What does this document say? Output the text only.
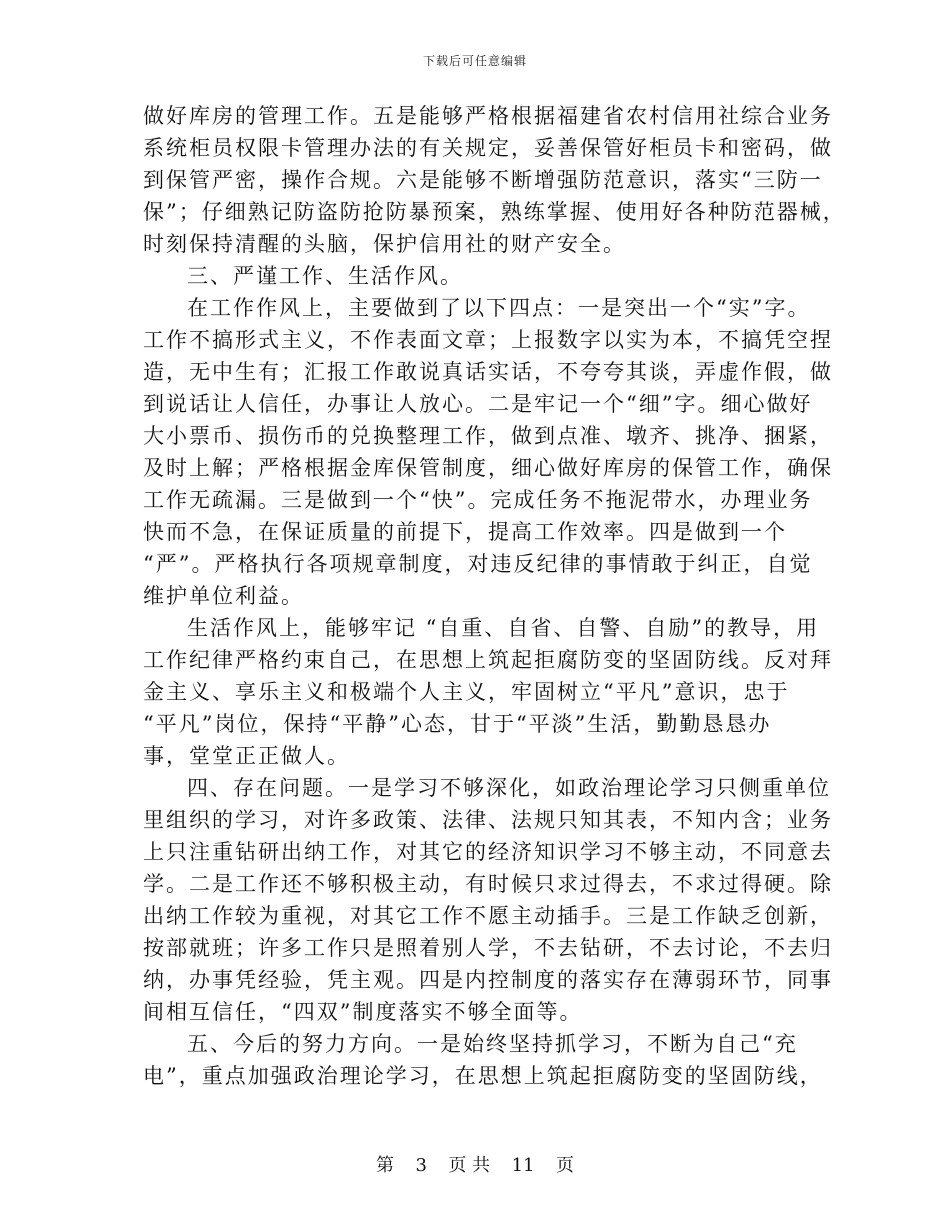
下载后可任意编辑
做好库房的管理工作。五是能够严格根据福建省农村信用社综合业务
系统柜员权限卡管理办法的有关规定，妥善保管好柜员卡和密码，做
到保管严密，操作合规。六是能够不断增强防范意识，落实“三防一
保”；仔细熟记防盗防抢防暴预案，熟练掌握、使用好各种防范器械，
时刻保持清醒的头脑，保护信用社的财产安全。
三、严谨工作、生活作风。
在工作作风上，主要做到了以下四点：一是突出一个“实”字。
工作不搞形式主义，不作表面文章；上报数字以实为本，不搞凭空捏
造，无中生有；汇报工作敢说真话实话，不夸夸其谈，弄虚作假，做
到说话让人信任，办事让人放心。二是牢记一个“细”字。细心做好
大小票币、损伤币的兑换整理工作，做到点准、墩齐、挑净、捆紧，
及时上解；严格根据金库保管制度，细心做好库房的保管工作，确保
工作无疏漏。三是做到一个“快”。完成任务不拖泥带水，办理业务
快而不急，在保证质量的前提下，提高工作效率。四是做到一个
“严”。严格执行各项规章制度，对违反纪律的事情敢于纠正，自觉
维护单位利益。
生活作风上，能够牢记 “自重、自省、自警、自励”的教导，用
工作纪律严格约束自己，在思想上筑起拒腐防变的坚固防线。反对拜
金主义、享乐主义和极端个人主义，牢固树立“平凡”意识，忠于
“平凡”岗位，保持“平静”心态，甘于“平淡”生活，勤勤恳恳办
事，堂堂正正做人。
四、存在问题。一是学习不够深化，如政治理论学习只侧重单位
里组织的学习，对许多政策、法律、法规只知其表，不知内含；业务
上只注重钻研出纳工作，对其它的经济知识学习不够主动，不同意去
学。二是工作还不够积极主动，有时候只求过得去，不求过得硬。除
出纳工作较为重视，对其它工作不愿主动插手。三是工作缺乏创新，
按部就班；许多工作只是照着别人学，不去钻研，不去讨论，不去归
纳，办事凭经验，凭主观。四是内控制度的落实存在薄弱环节，同事
间相互信任，“四双”制度落实不够全面等。
五、今后的努力方向。一是始终坚持抓学习，不断为自己“充
电”，重点加强政治理论学习，在思想上筑起拒腐防变的坚固防线，
第 3 页 共 11 页
